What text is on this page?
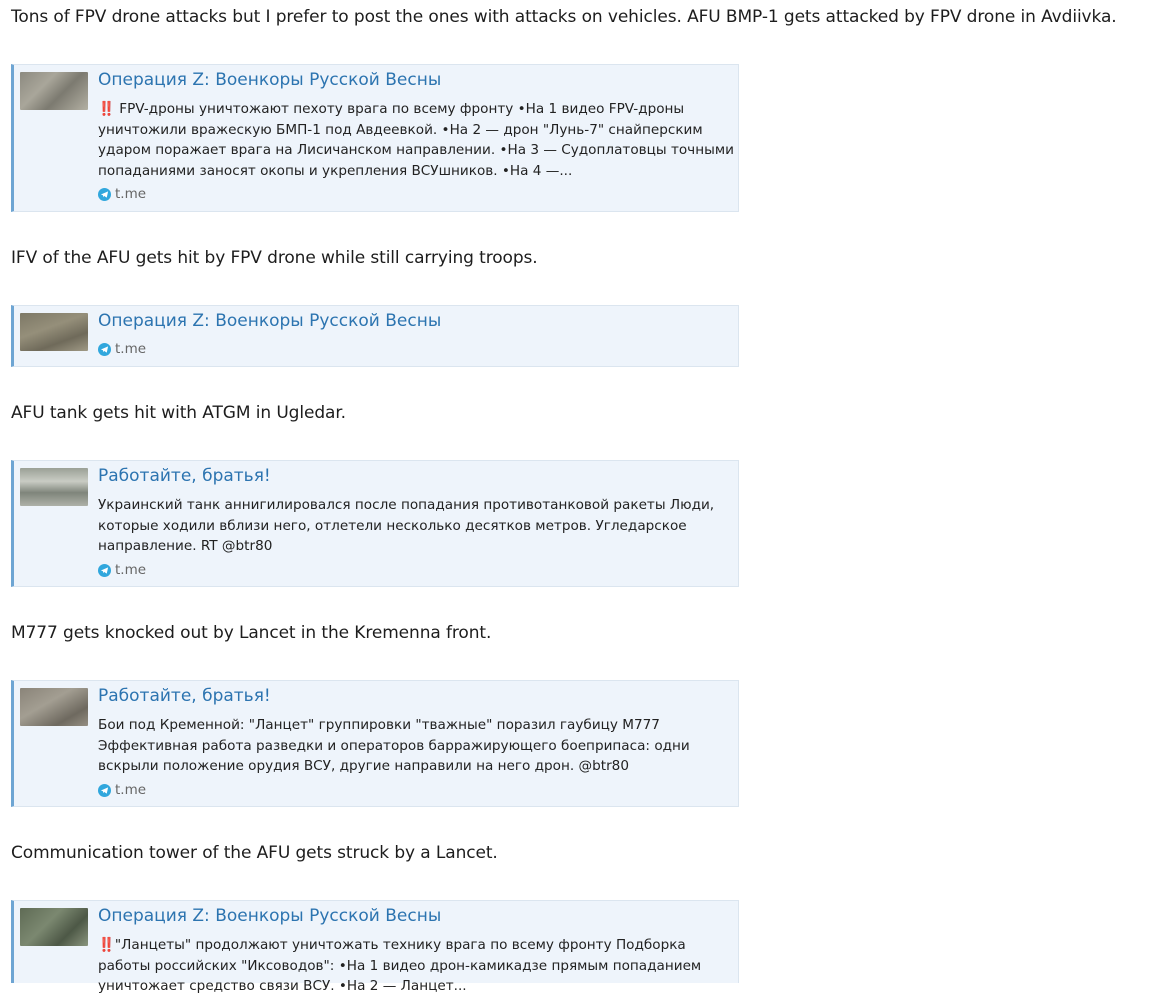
Tons of FPV drone attacks but I prefer to post the ones with attacks on vehicles. AFU BMP-1 gets attacked by FPV drone in Avdiivka.

Операция Z: Военкоры Русской Весны

‼️ FPV-дроны уничтожают пехоту врага по всему фронту •На 1 видео FPV-дроны уничтожили вражескую БМП-1 под Авдеевкой. •На 2 — дрон "Лунь-7" снайперским ударом поражает врага на Лисичанском направлении. •На 3 — Судоплатовцы точными попаданиями заносят окопы и укрепления ВСУшников. •На 4 —...

t.me

IFV of the AFU gets hit by FPV drone while still carrying troops.

Операция Z: Военкоры Русской Весны

t.me

AFU tank gets hit with ATGM in Ugledar.

Работайте, братья!

Украинский танк аннигилировался после попадания противотанковой ракеты Люди, которые ходили вблизи него, отлетели несколько десятков метров. Угледарское направление. RT @btr80

t.me

M777 gets knocked out by Lancet in the Kremenna front.

Работайте, братья!

Бои под Кременной: "Ланцет" группировки "тважные" поразил гаубицу М777 Эффективная работа разведки и операторов барражирующего боеприпаса: одни вскрыли положение орудия ВСУ, другие направили на него дрон. @btr80

t.me

Communication tower of the AFU gets struck by a Lancet.

Операция Z: Военкоры Русской Весны

‼️"Ланцеты" продолжают уничтожать технику врага по всему фронту Подборка работы российских "Иксоводов": •На 1 видео дрон-камикадзе прямым попаданием уничтожает средство связи ВСУ. •На 2 — Ланцет...
